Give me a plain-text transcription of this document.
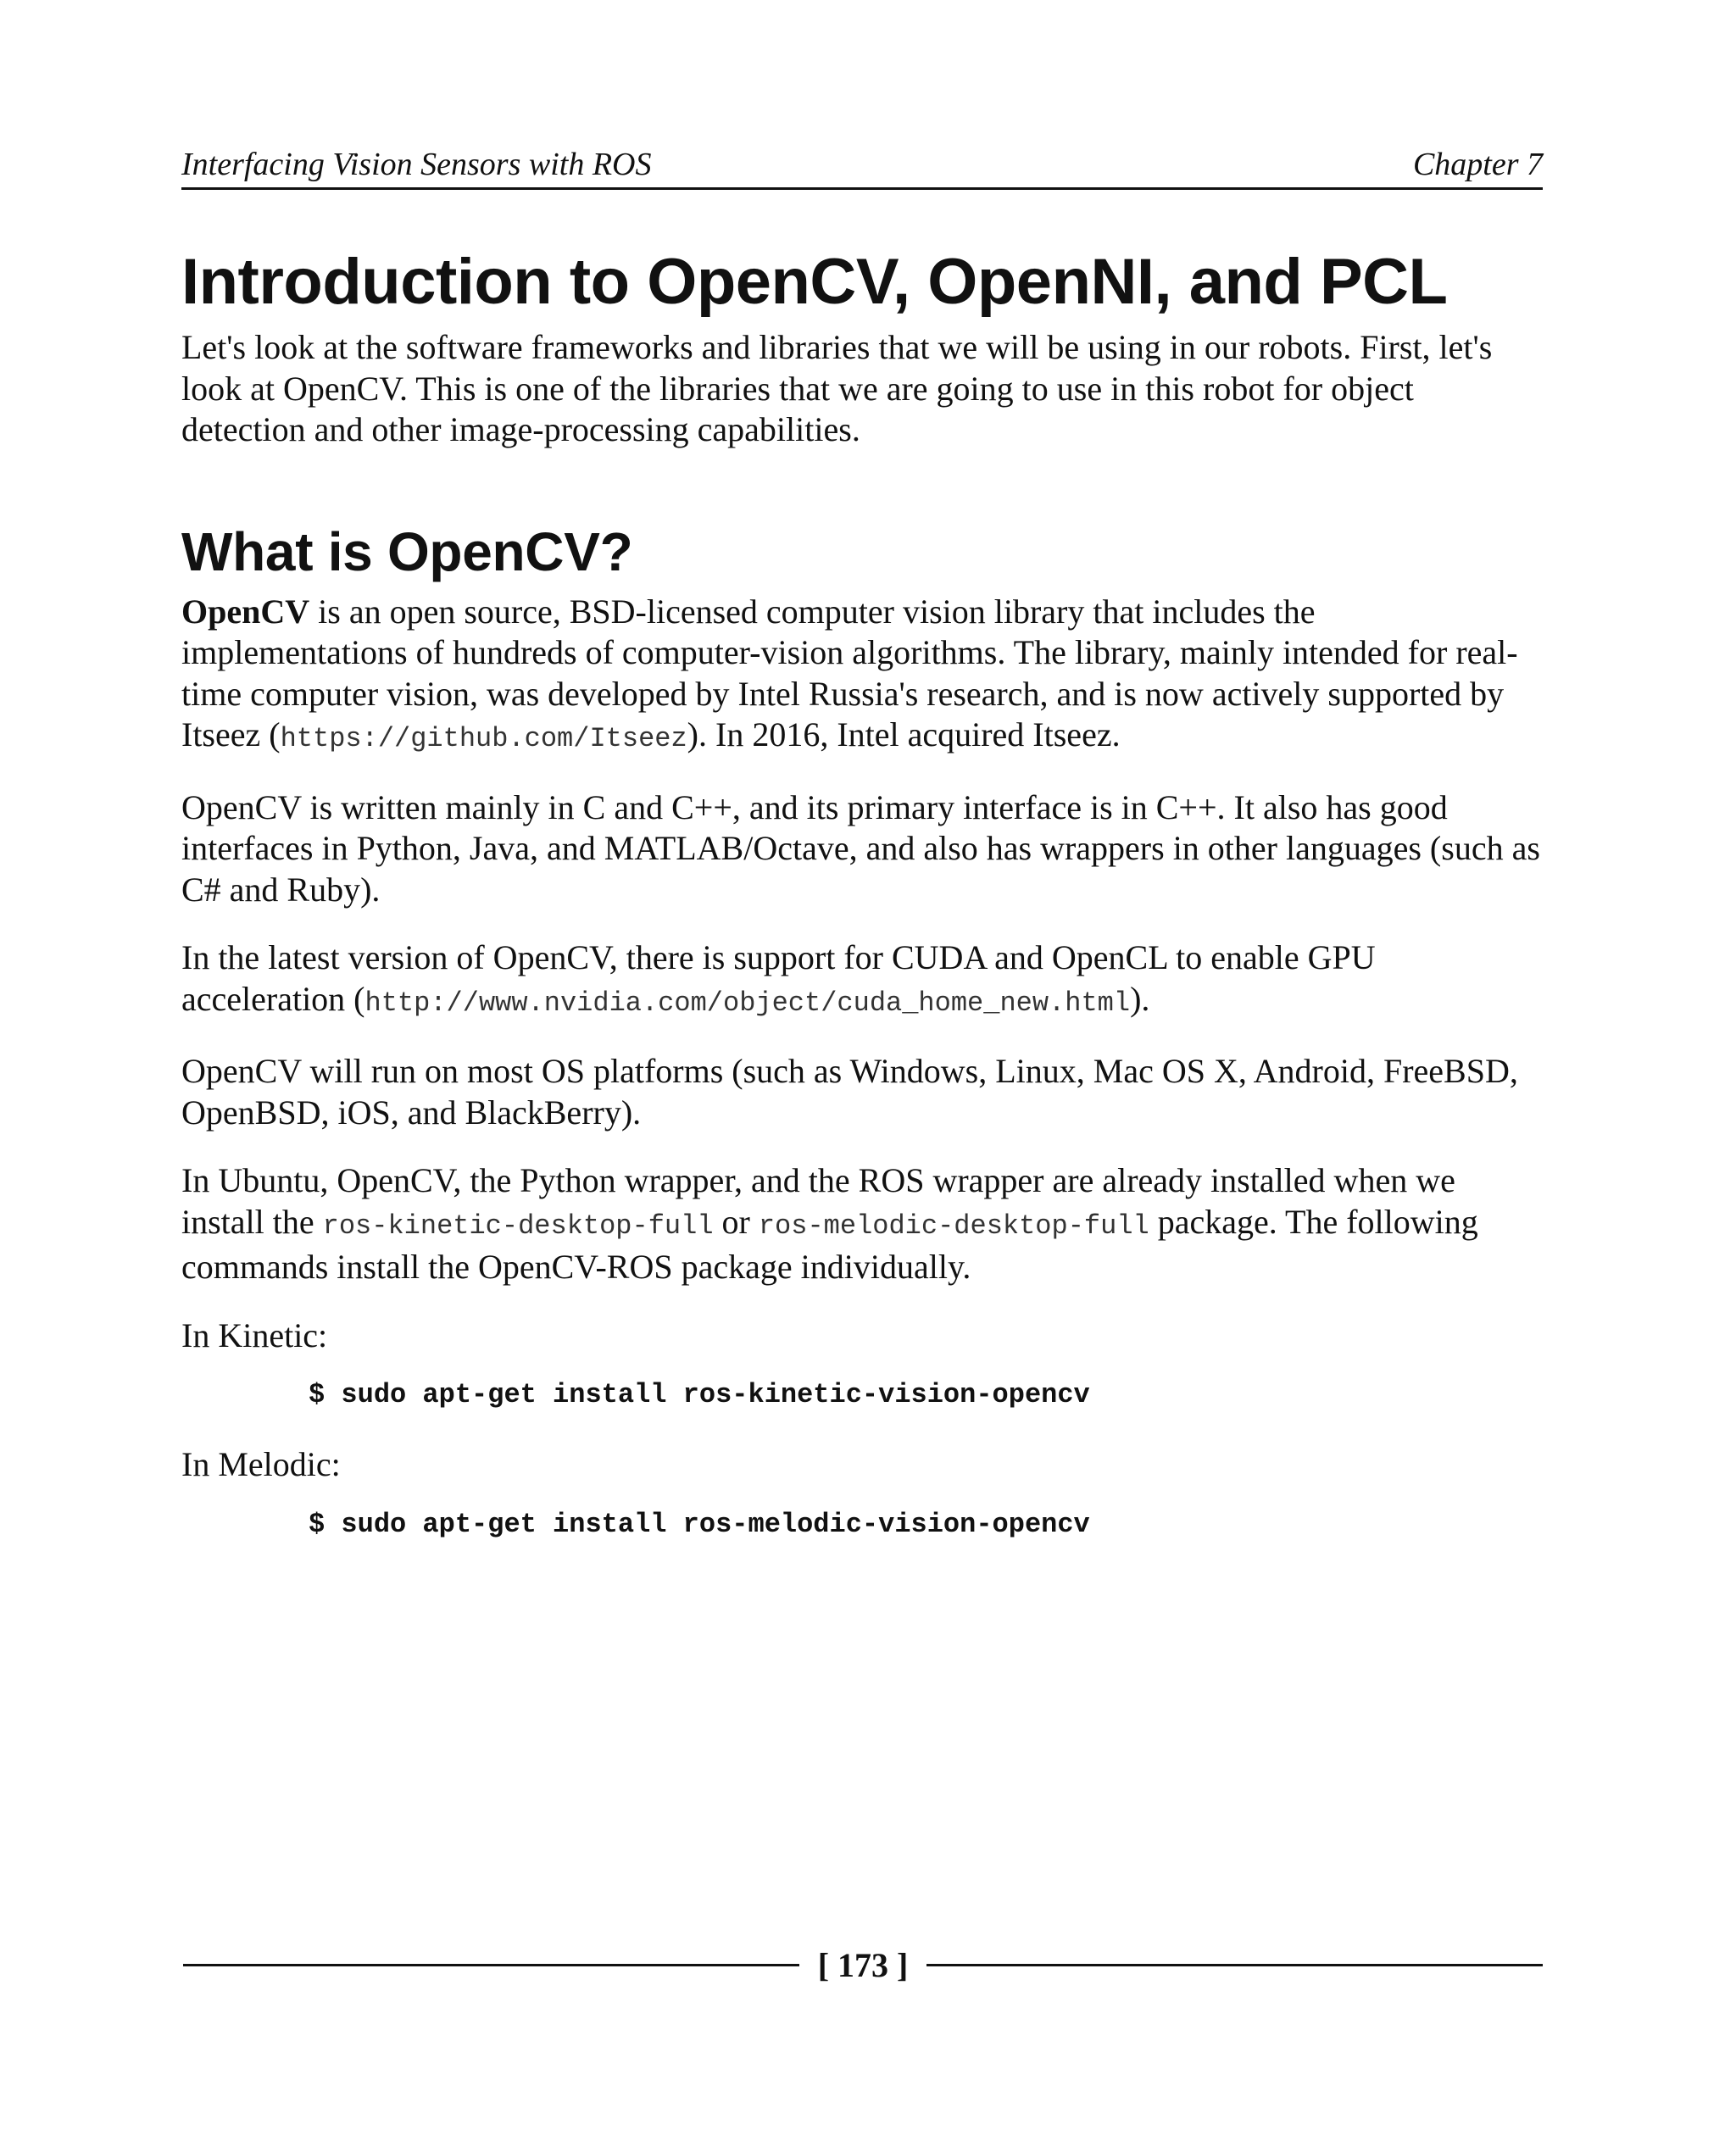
Interfacing Vision Sensors with ROS	Chapter 7
Introduction to OpenCV, OpenNI, and PCL

Let's look at the software frameworks and libraries that we will be using in our robots. First, let's look at OpenCV. This is one of the libraries that we are going to use in this robot for object detection and other image-processing capabilities.

What is OpenCV?

OpenCV is an open source, BSD-licensed computer vision library that includes the implementations of hundreds of computer-vision algorithms. The library, mainly intended for real-time computer vision, was developed by Intel Russia's research, and is now actively supported by Itseez (https://github.com/Itseez). In 2016, Intel acquired Itseez.

OpenCV is written mainly in C and C++, and its primary interface is in C++. It also has good interfaces in Python, Java, and MATLAB/Octave, and also has wrappers in other languages (such as C# and Ruby).

In the latest version of OpenCV, there is support for CUDA and OpenCL to enable GPU acceleration (http://www.nvidia.com/object/cuda_home_new.html).

OpenCV will run on most OS platforms (such as Windows, Linux, Mac OS X, Android, FreeBSD, OpenBSD, iOS, and BlackBerry).

In Ubuntu, OpenCV, the Python wrapper, and the ROS wrapper are already installed when we install the ros-kinetic-desktop-full or ros-melodic-desktop-full package. The following commands install the OpenCV-ROS package individually.

In Kinetic:

$ sudo apt-get install ros-kinetic-vision-opencv

In Melodic:

$ sudo apt-get install ros-melodic-vision-opencv
[ 173 ]
